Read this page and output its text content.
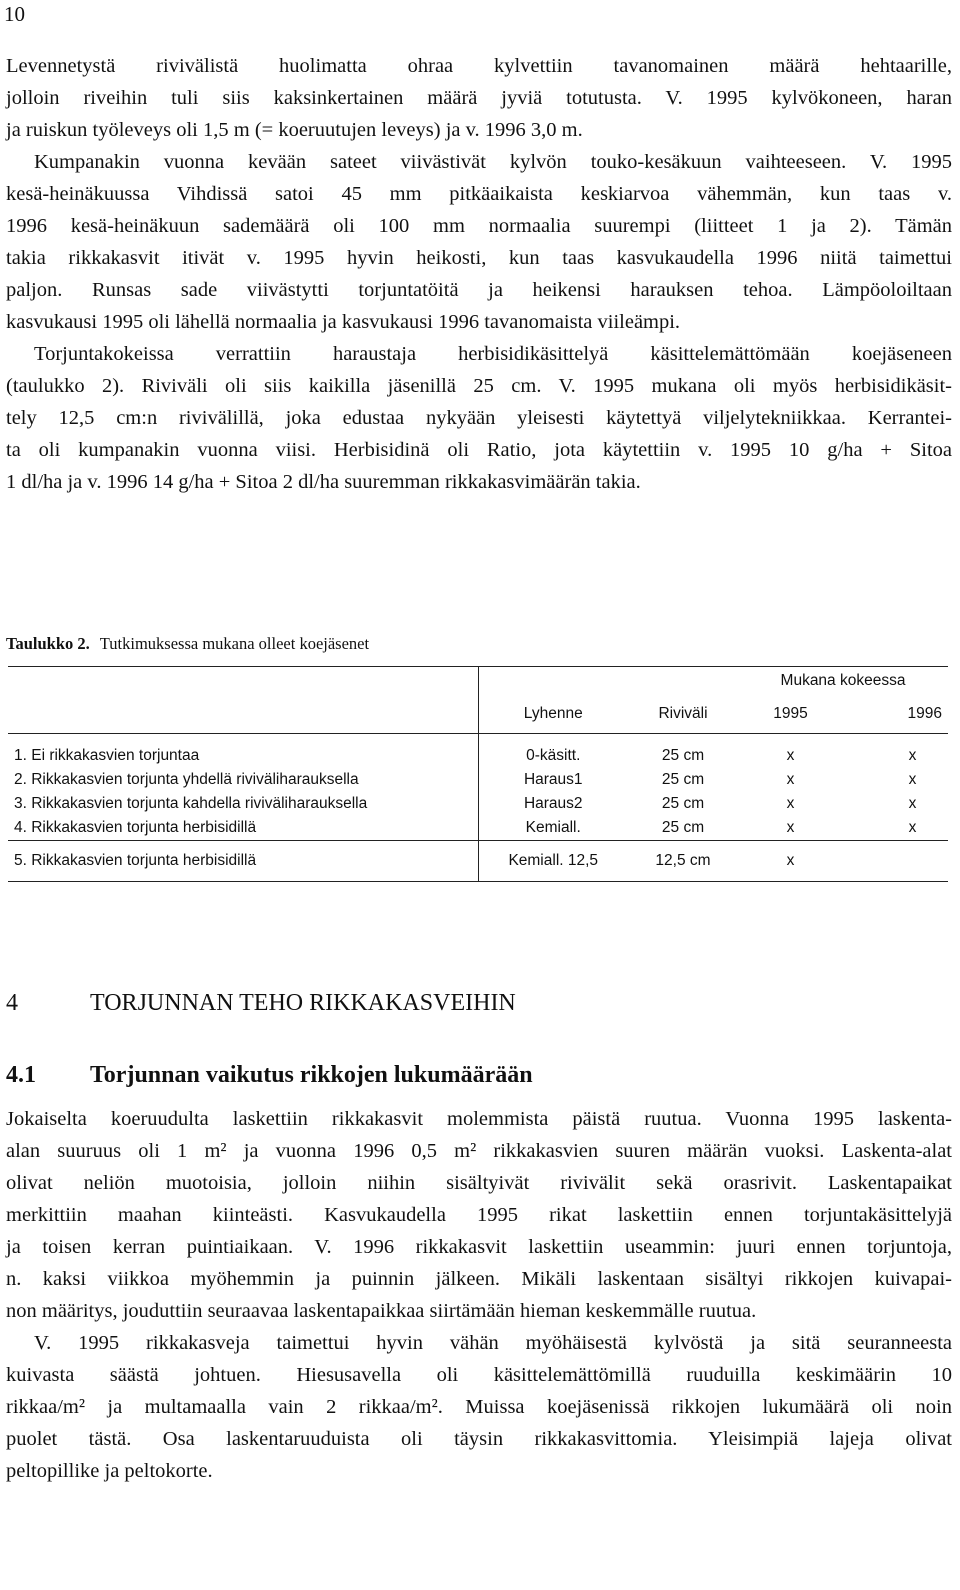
10
Levennetystä rivivälistä huolimatta ohraa kylvettiin tavanomainen määrä hehtaarille,
jolloin riveihin tuli siis kaksinkertainen määrä jyviä totutusta. V. 1995 kylvökoneen, haran
ja ruiskun työleveys oli 1,5 m (= koeruutujen leveys) ja v. 1996 3,0 m.
Kumpanakin vuonna kevään sateet viivästivät kylvön touko-kesäkuun vaihteeseen. V. 1995
kesä-heinäkuussa Vihdissä satoi 45 mm pitkäaikaista keskiarvoa vähemmän, kun taas v.
1996 kesä-heinäkuun sademäärä oli 100 mm normaalia suurempi (liitteet 1 ja 2). Tämän
takia rikkakasvit itivät v. 1995 hyvin heikosti, kun taas kasvukaudella 1996 niitä taimettui
paljon. Runsas sade viivästytti torjuntatöitä ja heikensi harauksen tehoa. Lämpöoloiltaan
kasvukausi 1995 oli lähellä normaalia ja kasvukausi 1996 tavanomaista viileämpi.
Torjuntakokeissa verrattiin haraustaja herbisidikäsittelyä käsittelemättömään koejäseneen
(taulukko 2). Riviväli oli siis kaikilla jäsenillä 25 cm. V. 1995 mukana oli myös herbisidikäsit-
tely 12,5 cm:n rivivälillä, joka edustaa nykyään yleisesti käytettyä viljelytekniikkaa. Kerrantei-
ta oli kumpanakin vuonna viisi. Herbisidinä oli Ratio, jota käytettiin v. 1995 10 g/ha + Sitoa
1 dl/ha ja v. 1996 14 g/ha + Sitoa 2 dl/ha suuremman rikkakasvimäärän takia.
Taulukko 2. Tutkimuksessa mukana olleet koejäsenet
			Mukana kokeessa	
	Lyhenne	Riviväli	1995	1996
1. Ei rikkakasvien torjuntaa	0-käsitt.	25 cm	x	x
2. Rikkakasvien torjunta yhdellä riviväliharauksella	Haraus1	25 cm	x	x
3. Rikkakasvien torjunta kahdella riviväliharauksella	Haraus2	25 cm	x	x
4. Rikkakasvien torjunta herbisidillä	Kemiall.	25 cm	x	x
5. Rikkakasvien torjunta herbisidillä	Kemiall. 12,5	12,5 cm	x	
4	TORJUNNAN TEHO RIKKAKASVEIHIN
4.1 Torjunnan vaikutus rikkojen lukumäärään
Jokaiselta koeruudulta laskettiin rikkakasvit molemmista päistä ruutua. Vuonna 1995 laskenta-
alan suuruus oli 1 m² ja vuonna 1996 0,5 m² rikkakasvien suuren määrän vuoksi. Laskenta-alat
olivat neliön muotoisia, jolloin niihin sisältyivät rivivälit sekä orasrivit. Laskentapaikat
merkittiin maahan kiinteästi. Kasvukaudella 1995 rikat laskettiin ennen torjuntakäsittelyjä
ja toisen kerran puintiaikaan. V. 1996 rikkakasvit laskettiin useammin: juuri ennen torjuntoja,
n. kaksi viikkoa myöhemmin ja puinnin jälkeen. Mikäli laskentaan sisältyi rikkojen kuivapai-
non määritys, jouduttiin seuraavaa laskentapaikkaa siirtämään hieman keskemmälle ruutua.
V. 1995 rikkakasveja taimettui hyvin vähän myöhäisestä kylvöstä ja sitä seuranneesta
kuivasta säästä johtuen. Hiesusavella oli käsittelemättömillä ruuduilla keskimäärin 10
rikkaa/m² ja multamaalla vain 2 rikkaa/m². Muissa koejäsenissä rikkojen lukumäärä oli noin
puolet tästä. Osa laskentaruuduista oli täysin rikkakasvittomia. Yleisimpiä lajeja olivat
peltopillike ja peltokorte.
